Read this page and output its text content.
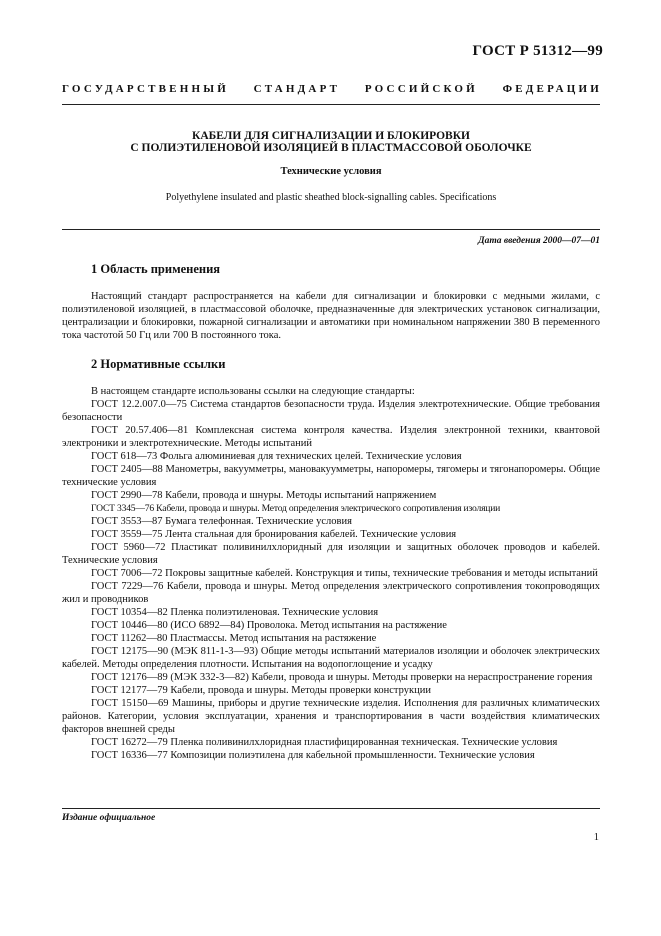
ГОСТ Р 51312—99
ГОСУДАРСТВЕННЫЙ СТАНДАРТ РОССИЙСКОЙ ФЕДЕРАЦИИ
КАБЕЛИ ДЛЯ СИГНАЛИЗАЦИИ И БЛОКИРОВКИ
С ПОЛИЭТИЛЕНОВОЙ ИЗОЛЯЦИЕЙ В ПЛАСТМАССОВОЙ ОБОЛОЧКЕ
Технические условия
Polyethylene insulated and plastic sheathed block-signalling cables. Specifications
Дата введения 2000—07—01
1 Область применения
Настоящий стандарт распространяется на кабели для сигнализации и блокировки с медными жилами, с полиэтиленовой изоляцией, в пластмассовой оболочке, предназначенные для электрических установок сигнализации, централизации и блокировки, пожарной сигнализации и автоматики при номинальном напряжении 380 В переменного тока частотой 50 Гц или 700 В постоянного тока.
2 Нормативные ссылки
В настоящем стандарте использованы ссылки на следующие стандарты:
ГОСТ 12.2.007.0—75 Система стандартов безопасности труда. Изделия электротехнические. Общие требования безопасности
ГОСТ 20.57.406—81 Комплексная система контроля качества. Изделия электронной техники, квантовой электроники и электротехнические. Методы испытаний
ГОСТ 618—73 Фольга алюминиевая для технических целей. Технические условия
ГОСТ 2405—88 Манометры, вакуумметры, мановакуумметры, напоромеры, тягомеры и тягонапоромеры. Общие технические условия
ГОСТ 2990—78 Кабели, провода и шнуры. Методы испытаний напряжением
ГОСТ 3345—76 Кабели, провода и шнуры. Метод определения электрического сопротивления изоляции
ГОСТ 3553—87 Бумага телефонная. Технические условия
ГОСТ 3559—75 Лента стальная для бронирования кабелей. Технические условия
ГОСТ 5960—72 Пластикат поливинилхлоридный для изоляции и защитных оболочек проводов и кабелей. Технические условия
ГОСТ 7006—72 Покровы защитные кабелей. Конструкция и типы, технические требования и методы испытаний
ГОСТ 7229—76 Кабели, провода и шнуры. Метод определения электрического сопротивления токопроводящих жил и проводников
ГОСТ 10354—82 Пленка полиэтиленовая. Технические условия
ГОСТ 10446—80 (ИСО 6892—84) Проволока. Метод испытания на растяжение
ГОСТ 11262—80 Пластмассы. Метод испытания на растяжение
ГОСТ 12175—90 (МЭК 811-1-3—93) Общие методы испытаний материалов изоляции и оболочек электрических кабелей. Методы определения плотности. Испытания на водопоглощение и усадку
ГОСТ 12176—89 (МЭК 332-3—82) Кабели, провода и шнуры. Методы проверки на нераспространение горения
ГОСТ 12177—79 Кабели, провода и шнуры. Методы проверки конструкции
ГОСТ 15150—69 Машины, приборы и другие технические изделия. Исполнения для различных климатических районов. Категории, условия эксплуатации, хранения и транспортирования в части воздействия климатических факторов внешней среды
ГОСТ 16272—79 Пленка поливинилхлоридная пластифицированная техническая. Технические условия
ГОСТ 16336—77 Композиции полиэтилена для кабельной промышленности. Технические условия
Издание официальное
1
